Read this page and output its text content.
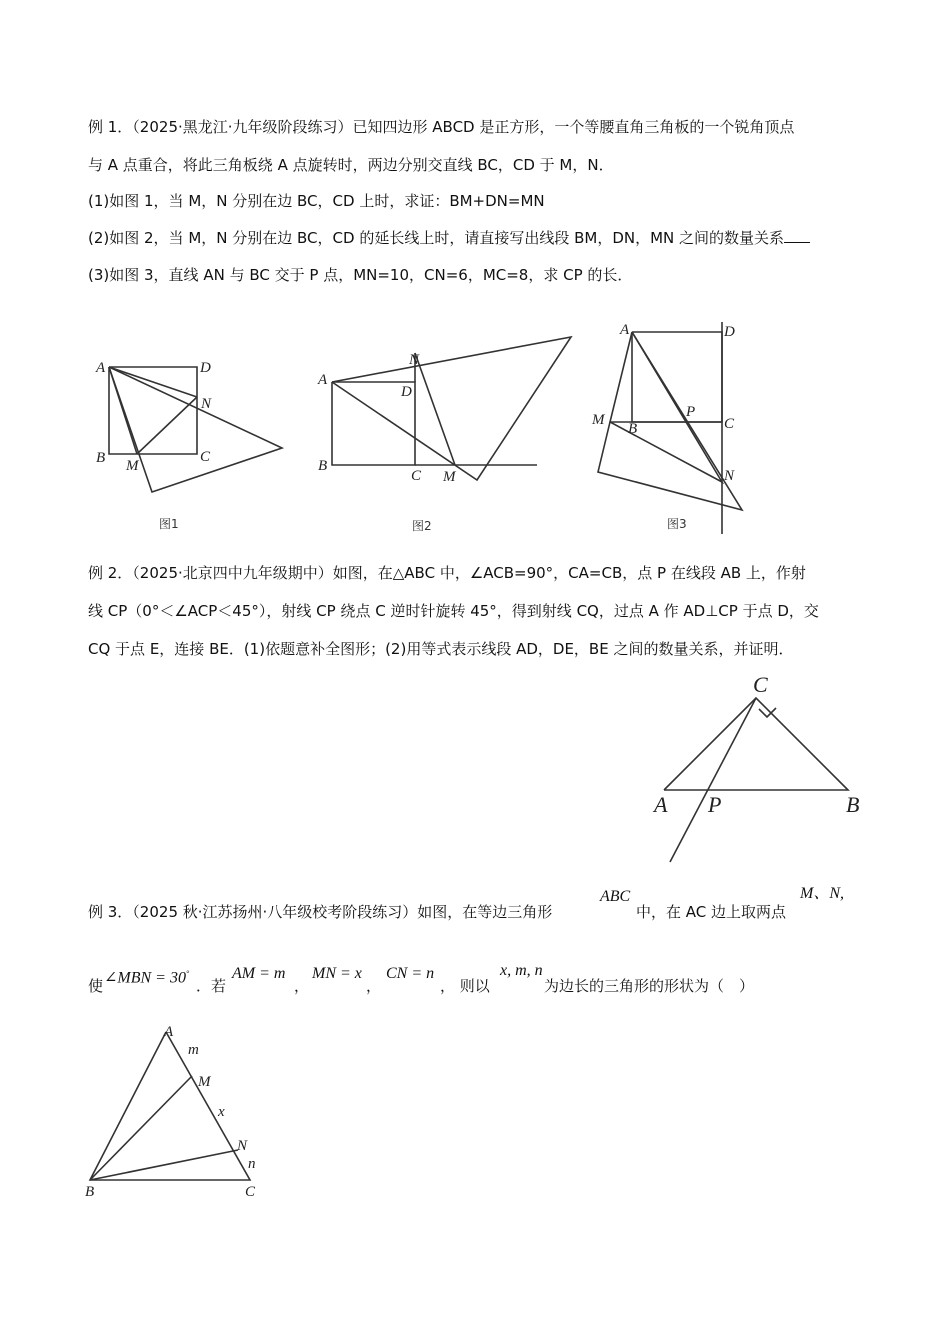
例 1．（2025·黑龙江·九年级阶段练习）已知四边形 ABCD 是正方形，一个等腰直角三角板的一个锐角顶点
与 A 点重合，将此三角板绕 A 点旋转时，两边分别交直线 BC，CD 于 M，N．
(1)如图 1，当 M，N 分别在边 BC，CD 上时，求证：BM+DN=MN
(2)如图 2，当 M，N 分别在边 BC，CD 的延长线上时，请直接写出线段 BM，DN，MN 之间的数量关系
(3)如图 3，直线 AN 与 BC 交于 P 点，MN=10，CN=6，MC=8，求 CP 的长．
A	D
B	C
N
M
图1
A
D
N
B
C M
图2
A	D
M
B
P
C
N
图3
例 2．（2025·北京四中九年级期中）如图，在△ABC 中，∠ACB=90°，CA=CB，点 P 在线段 AB 上，作射
线 CP（0°＜∠ACP＜45°），射线 CP 绕点 C 逆时针旋转 45°，得到射线 CQ，过点 A 作 AD⊥CP 于点 D，交
CQ 于点 E，连接 BE．(1)依题意补全图形；(2)用等式表示线段 AD，DE，BE 之间的数量关系，并证明．
C
A P	B
例 3．（2025 秋·江苏扬州·八年级校考阶段练习）如图，在等边三角形
ABC
中，在 AC 边上取两点
M、N,
使 ∠MBN = 30°
．若
AM = m
，
MN = x
，
CN = n
， 则以
x, m, n
为边长的三角形的形状为（　）
A
m
M
x
N
n
B	C
